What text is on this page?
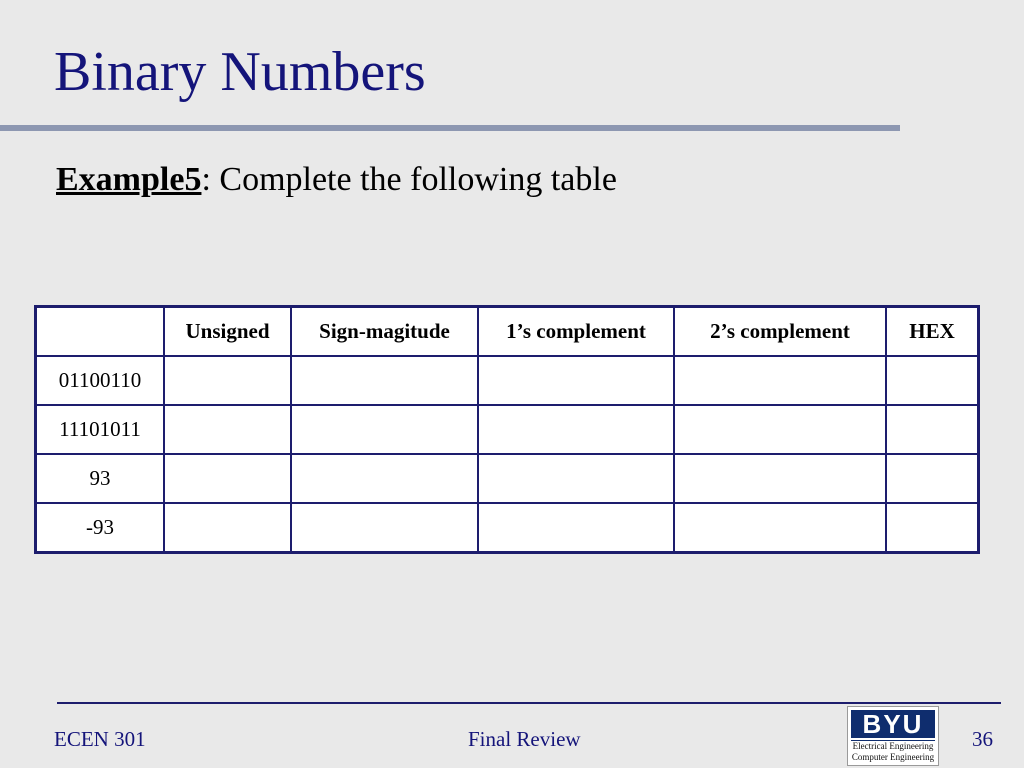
Binary Numbers
Example5: Complete the following table
	Unsigned	Sign-magitude	1’s complement	2’s complement	HEX
01100110					
11101011					
93					
-93					
ECEN 301	Final Review	36
BYU
Electrical Engineering
Computer Engineering
